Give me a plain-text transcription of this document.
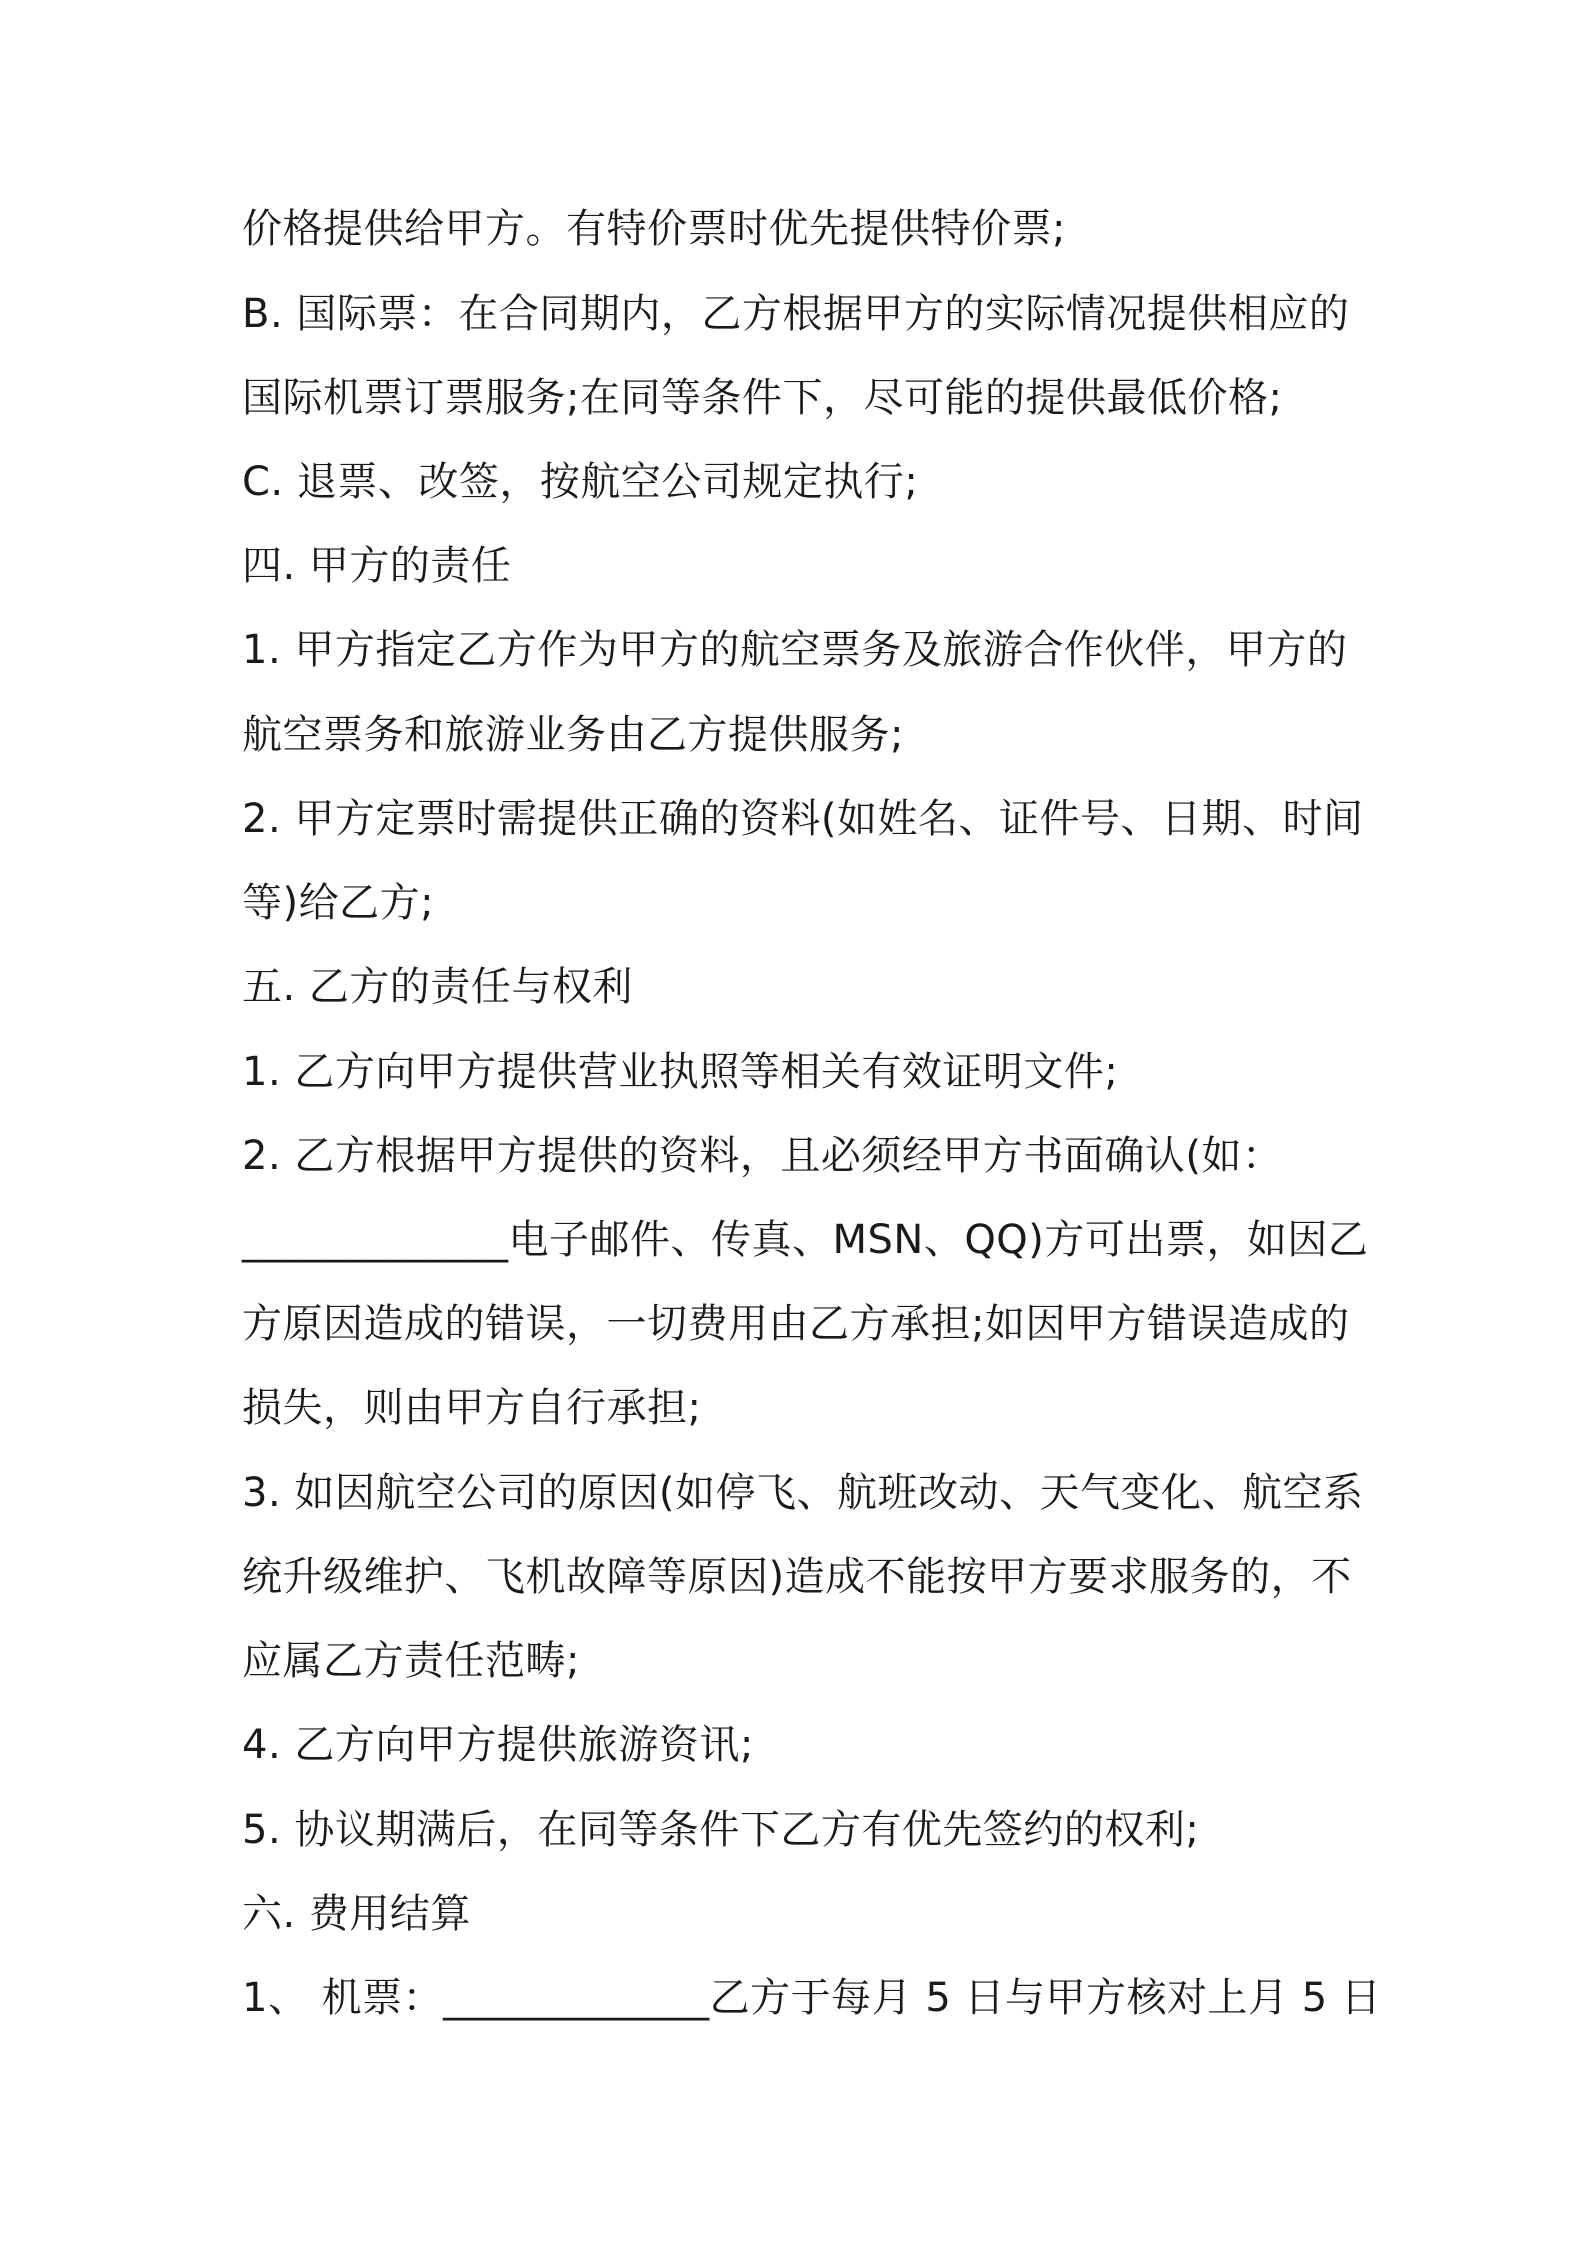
价格提供给甲方。有特价票时优先提供特价票;
B. 国际票：在合同期内，乙方根据甲方的实际情况提供相应的
国际机票订票服务;在同等条件下，尽可能的提供最低价格;
C. 退票、改签，按航空公司规定执行;
四. 甲方的责任
1. 甲方指定乙方作为甲方的航空票务及旅游合作伙伴，甲方的
航空票务和旅游业务由乙方提供服务;
2. 甲方定票时需提供正确的资料(如姓名、证件号、日期、时间
等)给乙方;
五. 乙方的责任与权利
1. 乙方向甲方提供营业执照等相关有效证明文件;
2. 乙方根据甲方提供的资料，且必须经甲方书面确认(如：
_____________电子邮件、传真、MSN、QQ)方可出票，如因乙
方原因造成的错误，一切费用由乙方承担;如因甲方错误造成的
损失，则由甲方自行承担;
3. 如因航空公司的原因(如停飞、航班改动、天气变化、航空系
统升级维护、飞机故障等原因)造成不能按甲方要求服务的，不
应属乙方责任范畴;
4. 乙方向甲方提供旅游资讯;
5. 协议期满后，在同等条件下乙方有优先签约的权利;
六. 费用结算
1、 机票：_____________乙方于每月 5 日与甲方核对上月 5 日
